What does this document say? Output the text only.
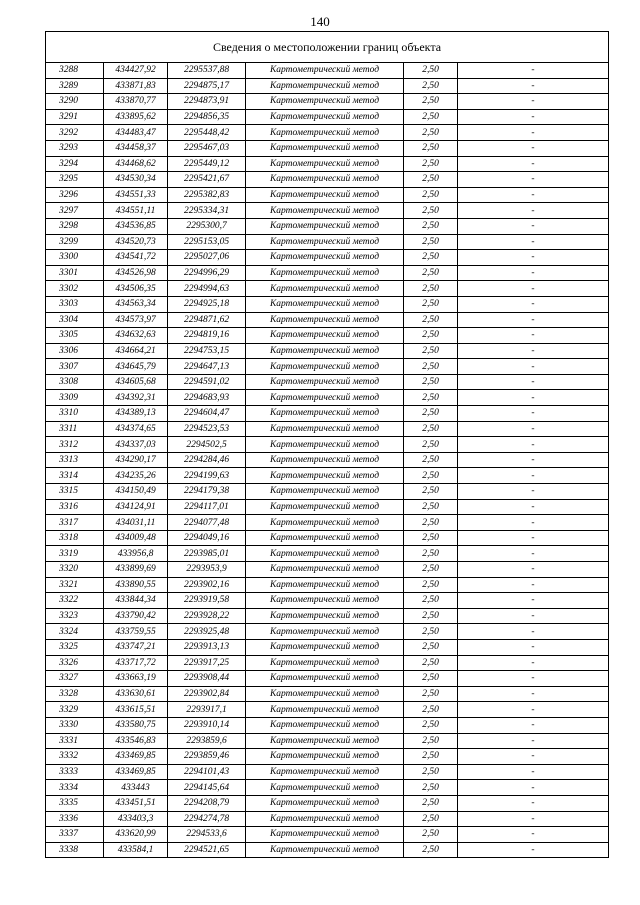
140
Сведения о местоположении границ объекта					
3288	434427,92	2295537,88	Картометрический метод	2,50	-
3289	433871,83	2294875,17	Картометрический метод	2,50	-
3290	433870,77	2294873,91	Картометрический метод	2,50	-
3291	433895,62	2294856,35	Картометрический метод	2,50	-
3292	434483,47	2295448,42	Картометрический метод	2,50	-
3293	434458,37	2295467,03	Картометрический метод	2,50	-
3294	434468,62	2295449,12	Картометрический метод	2,50	-
3295	434530,34	2295421,67	Картометрический метод	2,50	-
3296	434551,33	2295382,83	Картометрический метод	2,50	-
3297	434551,11	2295334,31	Картометрический метод	2,50	-
3298	434536,85	2295300,7	Картометрический метод	2,50	-
3299	434520,73	2295153,05	Картометрический метод	2,50	-
3300	434541,72	2295027,06	Картометрический метод	2,50	-
3301	434526,98	2294996,29	Картометрический метод	2,50	-
3302	434506,35	2294994,63	Картометрический метод	2,50	-
3303	434563,34	2294925,18	Картометрический метод	2,50	-
3304	434573,97	2294871,62	Картометрический метод	2,50	-
3305	434632,63	2294819,16	Картометрический метод	2,50	-
3306	434664,21	2294753,15	Картометрический метод	2,50	-
3307	434645,79	2294647,13	Картометрический метод	2,50	-
3308	434605,68	2294591,02	Картометрический метод	2,50	-
3309	434392,31	2294683,93	Картометрический метод	2,50	-
3310	434389,13	2294604,47	Картометрический метод	2,50	-
3311	434374,65	2294523,53	Картометрический метод	2,50	-
3312	434337,03	2294502,5	Картометрический метод	2,50	-
3313	434290,17	2294284,46	Картометрический метод	2,50	-
3314	434235,26	2294199,63	Картометрический метод	2,50	-
3315	434150,49	2294179,38	Картометрический метод	2,50	-
3316	434124,91	2294117,01	Картометрический метод	2,50	-
3317	434031,11	2294077,48	Картометрический метод	2,50	-
3318	434009,48	2294049,16	Картометрический метод	2,50	-
3319	433956,8	2293985,01	Картометрический метод	2,50	-
3320	433899,69	2293953,9	Картометрический метод	2,50	-
3321	433890,55	2293902,16	Картометрический метод	2,50	-
3322	433844,34	2293919,58	Картометрический метод	2,50	-
3323	433790,42	2293928,22	Картометрический метод	2,50	-
3324	433759,55	2293925,48	Картометрический метод	2,50	-
3325	433747,21	2293913,13	Картометрический метод	2,50	-
3326	433717,72	2293917,25	Картометрический метод	2,50	-
3327	433663,19	2293908,44	Картометрический метод	2,50	-
3328	433630,61	2293902,84	Картометрический метод	2,50	-
3329	433615,51	2293917,1	Картометрический метод	2,50	-
3330	433580,75	2293910,14	Картометрический метод	2,50	-
3331	433546,83	2293859,6	Картометрический метод	2,50	-
3332	433469,85	2293859,46	Картометрический метод	2,50	-
3333	433469,85	2294101,43	Картометрический метод	2,50	-
3334	433443	2294145,64	Картометрический метод	2,50	-
3335	433451,51	2294208,79	Картометрический метод	2,50	-
3336	433403,3	2294274,78	Картометрический метод	2,50	-
3337	433620,99	2294533,6	Картометрический метод	2,50	-
3338	433584,1	2294521,65	Картометрический метод	2,50	-
